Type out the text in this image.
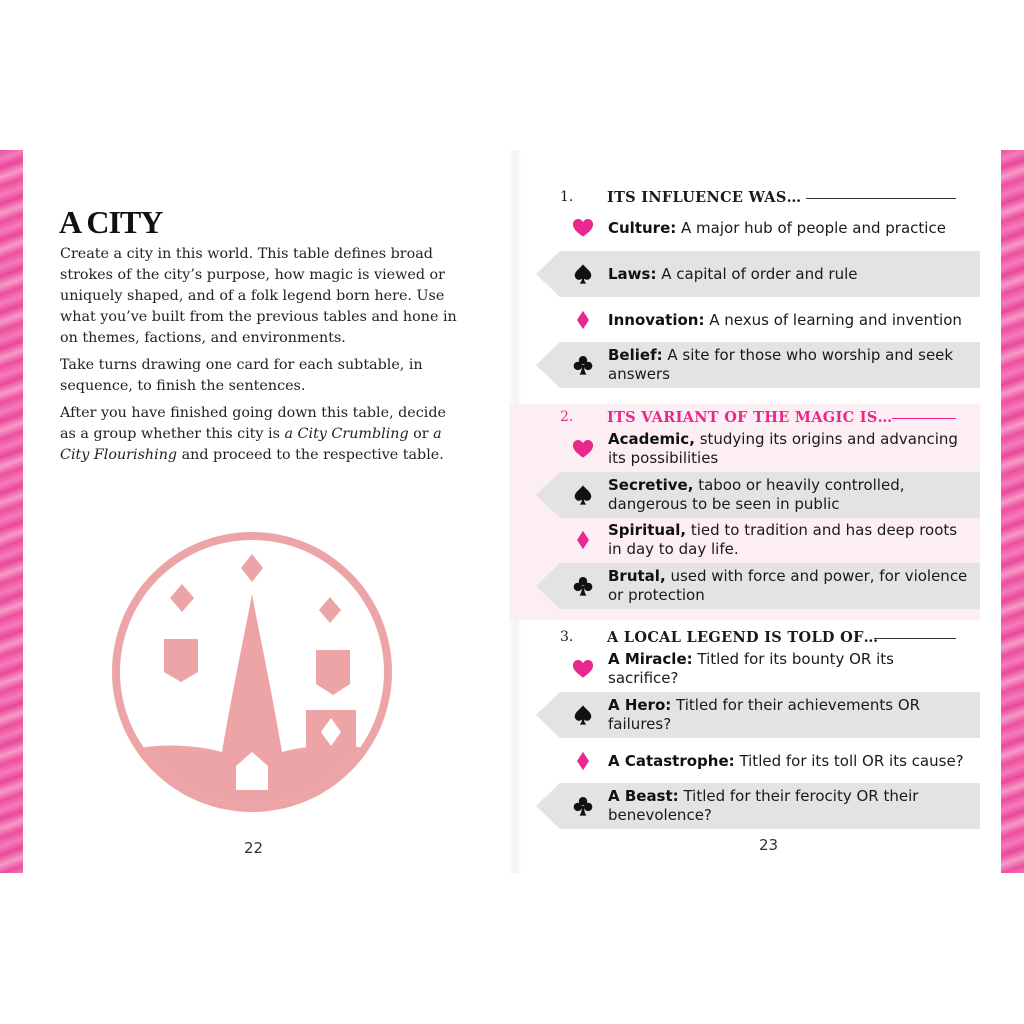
A CITY

Create a city in this world. This table defines broad strokes of the city’s purpose, how magic is viewed or uniquely shaped, and of a folk legend born here. Use what you’ve built from the previous tables and hone in on themes, factions, and environments.

Take turns drawing one card for each subtable, in sequence, to finish the sentences.

After you have finished going down this table, decide as a group whether this city is a City Crumbling or a City Flourishing and proceed to the respective table.

22
1. ITS INFLUENCE WAS…
Culture: A major hub of people and practice
Laws: A capital of order and rule
Innovation: A nexus of learning and invention
Belief: A site for those who worship and seek answers
2. ITS VARIANT OF THE MAGIC IS…
Academic, studying its origins and advancing its possibilities
Secretive, taboo or heavily controlled, dangerous to be seen in public
Spiritual, tied to tradition and has deep roots in day to day life.
Brutal, used with force and power, for violence or protection
3. A LOCAL LEGEND IS TOLD OF…
A Miracle: Titled for its bounty OR its sacrifice?
A Hero: Titled for their achievements OR failures?
A Catastrophe: Titled for its toll OR its cause?
A Beast: Titled for their ferocity OR their benevolence?
23
